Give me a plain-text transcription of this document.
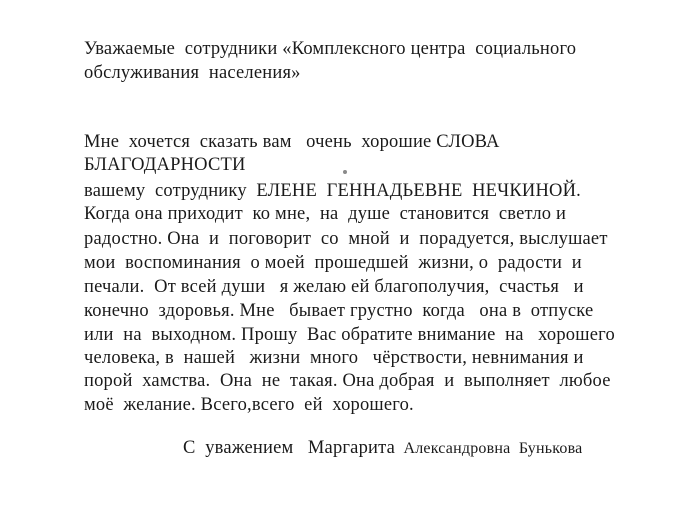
Уважаемые  сотрудники «Комплексного центра  социального
обслуживания  населения»
Мне  хочется  сказать вам   очень  хорошие СЛОВА
БЛАГОДАРНОСТИ
вашему  сотруднику  ЕЛЕНЕ  ГЕННАДЬЕВНЕ  НЕЧКИНОЙ.
Когда она приходит  ко мне,  на  душе  становится  светло и
радостно. Она  и  поговорит  со  мной  и  порадуется, выслушает
мои  воспоминания  о моей  прошедшей  жизни, о  радости  и
печали.  От всей души   я желаю ей благополучия,  счастья   и
конечно  здоровья. Мне   бывает грустно  когда   она в  отпуске
или  на  выходном. Прошу  Вас обратите внимание  на   хорошего
человека, в  нашей   жизни  много   чёрствости, невнимания и
порой  хамства.  Она  не  такая. Она добрая  и  выполняет  любое
моё  желание. Всего,всего  ей  хорошего.
С  уважением   Маргарита  Александровна  Бунькова
